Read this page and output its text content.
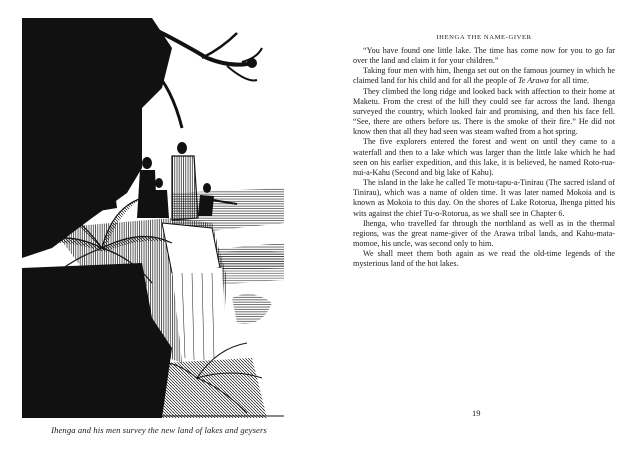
Ihenga and his men survey the new land of lakes and geysers
IHENGA THE NAME-GIVER

“You have found one little lake. The time has come now for you to go far over the land and claim it for your children.”

Taking four men with him, Ihenga set out on the famous journey in which he claimed land for his child and for all the people of Te Arawa for all time.

They climbed the long ridge and looked back with affection to their home at Maketu. From the crest of the hill they could see far across the land. Ihenga surveyed the country, which looked fair and promising, and then his face fell. “See, there are others before us. There is the smoke of their fire.” He did not know then that all they had seen was steam wafted from a hot spring.

The five explorers entered the forest and went on until they came to a waterfall and then to a lake which was larger than the little lake which he had seen on his earlier expedition, and this lake, it is believed, he named Roto-rua-nui-a-Kahu (Second and big lake of Kahu).

The island in the lake he called Te motu-tapu-a-Tinirau (The sacred island of Tinirau), which was a name of olden time. It was later named Mokoia and is known as Mokoia to this day. On the shores of Lake Rotorua, Ihenga pitted his wits against the chief Tu-o-Rotorua, as we shall see in Chapter 6.

Ihenga, who travelled far through the northland as well as in the thermal regions, was the great name-giver of the Arawa tribal lands, and Kahu-mata-momoe, his uncle, was second only to him.

We shall meet them both again as we read the old-time legends of the mysterious land of the hot lakes.

19
